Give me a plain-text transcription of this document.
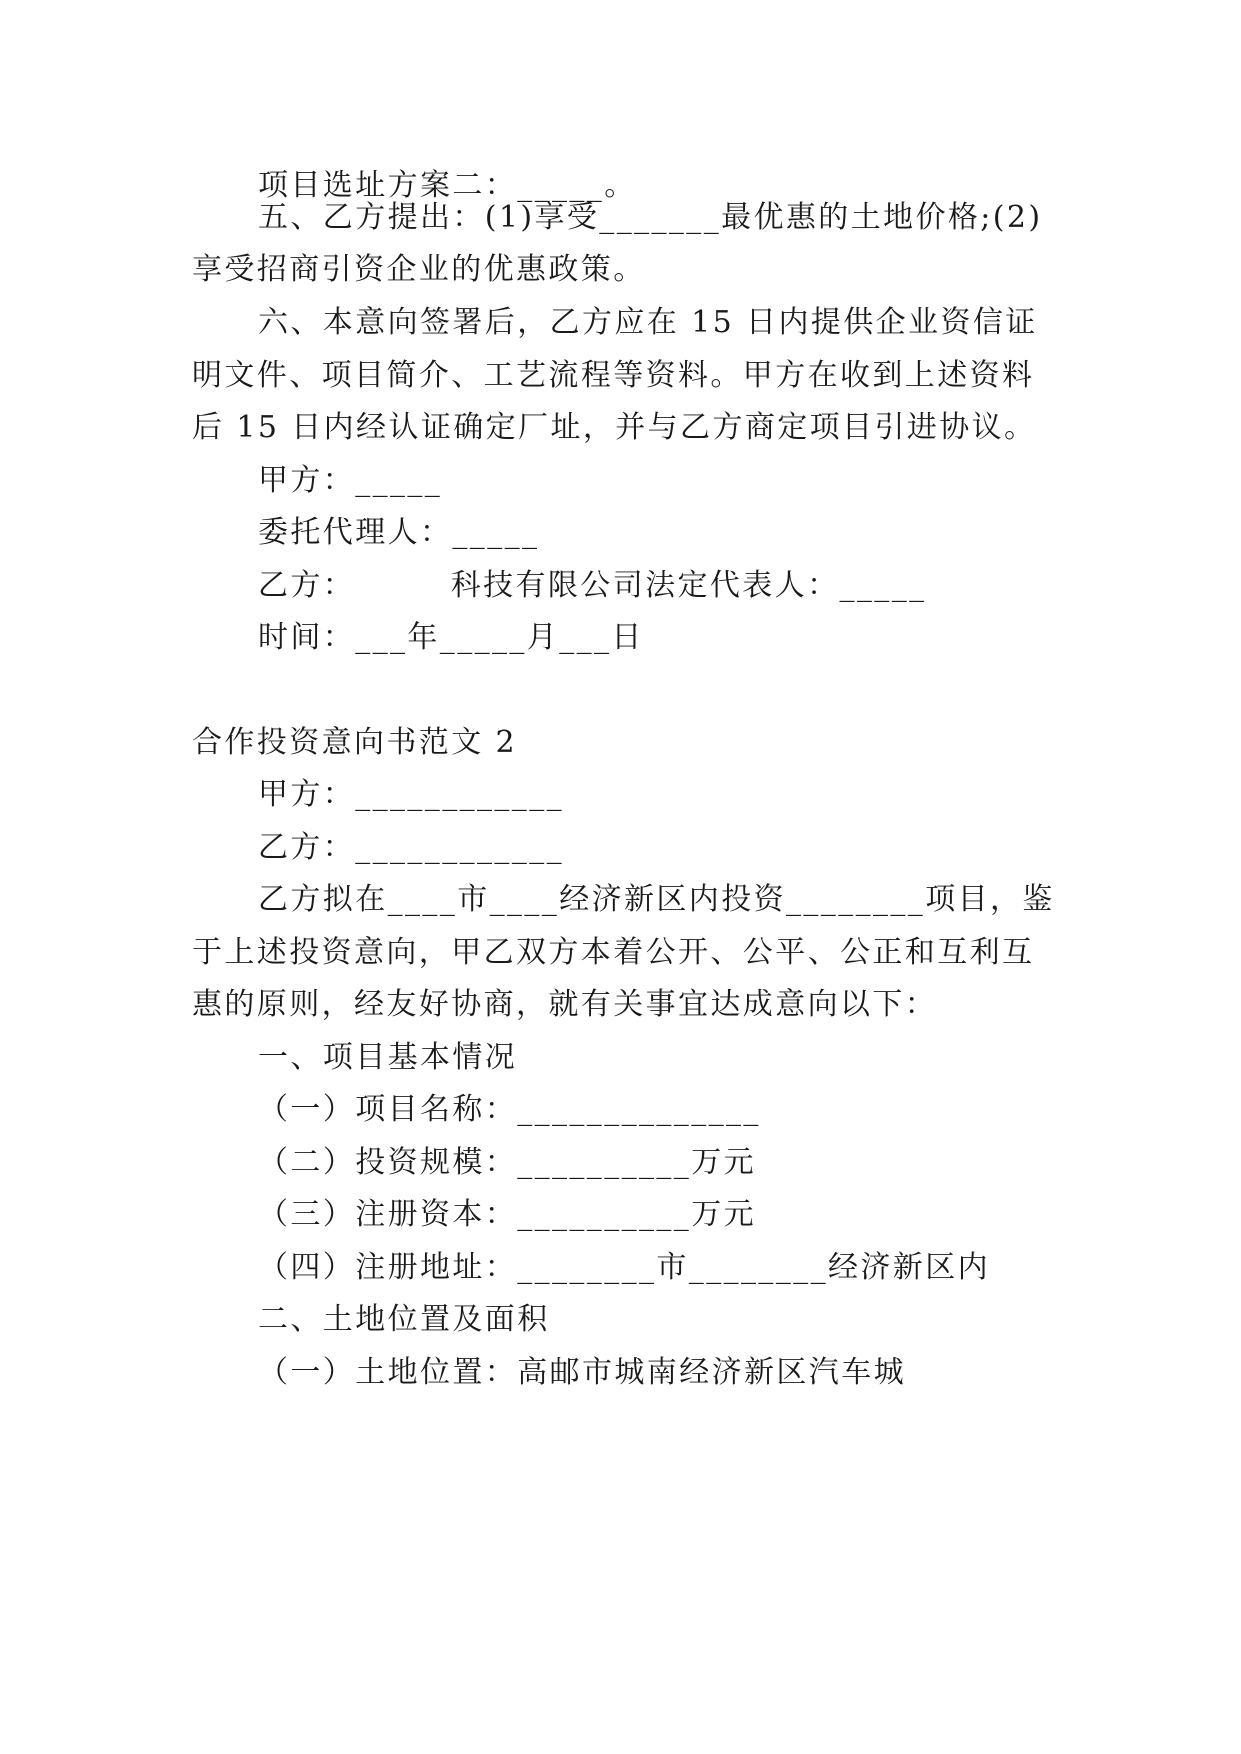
项目选址方案二：_____。
五、乙方提出：(1)享受_______最优惠的土地价格;(2)
享受招商引资企业的优惠政策。
六、本意向签署后，乙方应在 15 日内提供企业资信证
明文件、项目简介、工艺流程等资料。甲方在收到上述资料
后 15 日内经认证确定厂址，并与乙方商定项目引进协议。
甲方：_____
委托代理人：_____
乙方：        科技有限公司法定代表人：_____
时间：___年_____月___日
合作投资意向书范文 2
甲方：____________
乙方：____________
乙方拟在____市____经济新区内投资________项目，鉴
于上述投资意向，甲乙双方本着公开、公平、公正和互利互
惠的原则，经友好协商，就有关事宜达成意向以下：
一、项目基本情况
（一）项目名称：______________
（二）投资规模：__________万元
（三）注册资本：__________万元
（四）注册地址：________市________经济新区内
二、土地位置及面积
（一）土地位置：高邮市城南经济新区汽车城
